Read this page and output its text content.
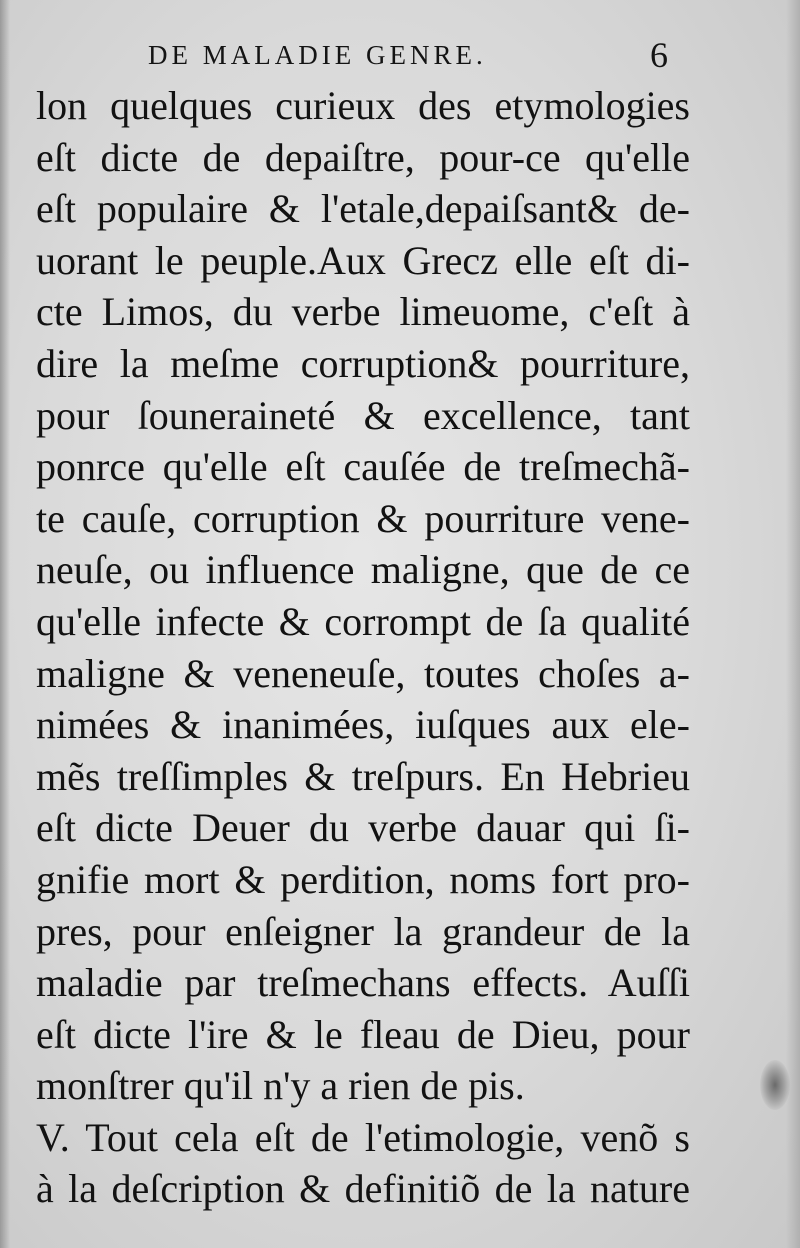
DE MALADIE GENRE.	6
lon quelques curieux des etymologies
eſt dicte de depaiſtre, pour-ce qu'elle
eſt populaire & l'etale,depaiſsant& de-
uorant le peuple.Aux Grecz elle eſt di-
cte Limos, du verbe limeuome, c'eſt à
dire la meſme corruption& pourriture,
pour ſouneraineté & excellence, tant
ponrce qu'elle eſt cauſée de treſmechã-
te cauſe, corruption & pourriture vene-
neuſe, ou influence maligne, que de ce
qu'elle infecte & corrompt de ſa qualité
maligne & veneneuſe, toutes choſes a-
nimées & inanimées, iuſques aux ele-
mẽs treſſimples & treſpurs. En Hebrieu
eſt dicte Deuer du verbe dauar qui ſi-
gnifie mort & perdition, noms fort pro-
pres, pour enſeigner la grandeur de la
maladie par treſmechans effects. Auſſi
eſt dicte l'ire & le fleau de Dieu, pour
monſtrer qu'il n'y a rien de pis.
V. Tout cela eſt de l'etimologie, venõ s
à la deſcription & definitiõ de la nature
